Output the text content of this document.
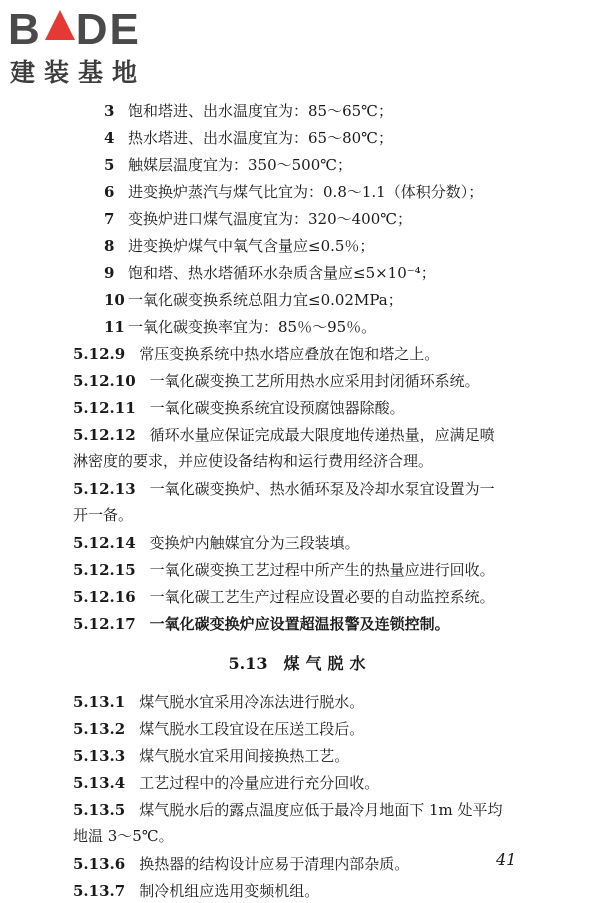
B DE
建装基地
3 饱和塔进、出水温度宜为：85～65℃；
4 热水塔进、出水温度宜为：65～80℃；
5 触媒层温度宜为：350～500℃；
6 进变换炉蒸汽与煤气比宜为：0.8～1.1（体积分数）；
7 变换炉进口煤气温度宜为：320～400℃；
8 进变换炉煤气中氧气含量应≤0.5％；
9 饱和塔、热水塔循环水杂质含量应≤5×10⁻⁴；
10 一氧化碳变换系统总阻力宜≤0.02MPa；
11 一氧化碳变换率宜为：85％～95％。
5.12.9 常压变换系统中热水塔应叠放在饱和塔之上。
5.12.10 一氧化碳变换工艺所用热水应采用封闭循环系统。
5.12.11 一氧化碳变换系统宜设预腐蚀器除酸。
5.12.12 循环水量应保证完成最大限度地传递热量，应满足喷
淋密度的要求，并应使设备结构和运行费用经济合理。
5.12.13 一氧化碳变换炉、热水循环泵及冷却水泵宜设置为一
开一备。
5.12.14 变换炉内触媒宜分为三段装填。
5.12.15 一氧化碳变换工艺过程中所产生的热量应进行回收。
5.12.16 一氧化碳工艺生产过程应设置必要的自动监控系统。
5.12.17 一氧化碳变换炉应设置超温报警及连锁控制。
5.13 煤气脱水
5.13.1 煤气脱水宜采用冷冻法进行脱水。
5.13.2 煤气脱水工段宜设在压送工段后。
5.13.3 煤气脱水宜采用间接换热工艺。
5.13.4 工艺过程中的冷量应进行充分回收。
5.13.5 煤气脱水后的露点温度应低于最冷月地面下 1m 处平均
地温 3～5℃。
5.13.6 换热器的结构设计应易于清理内部杂质。
5.13.7 制冷机组应选用变频机组。
41
